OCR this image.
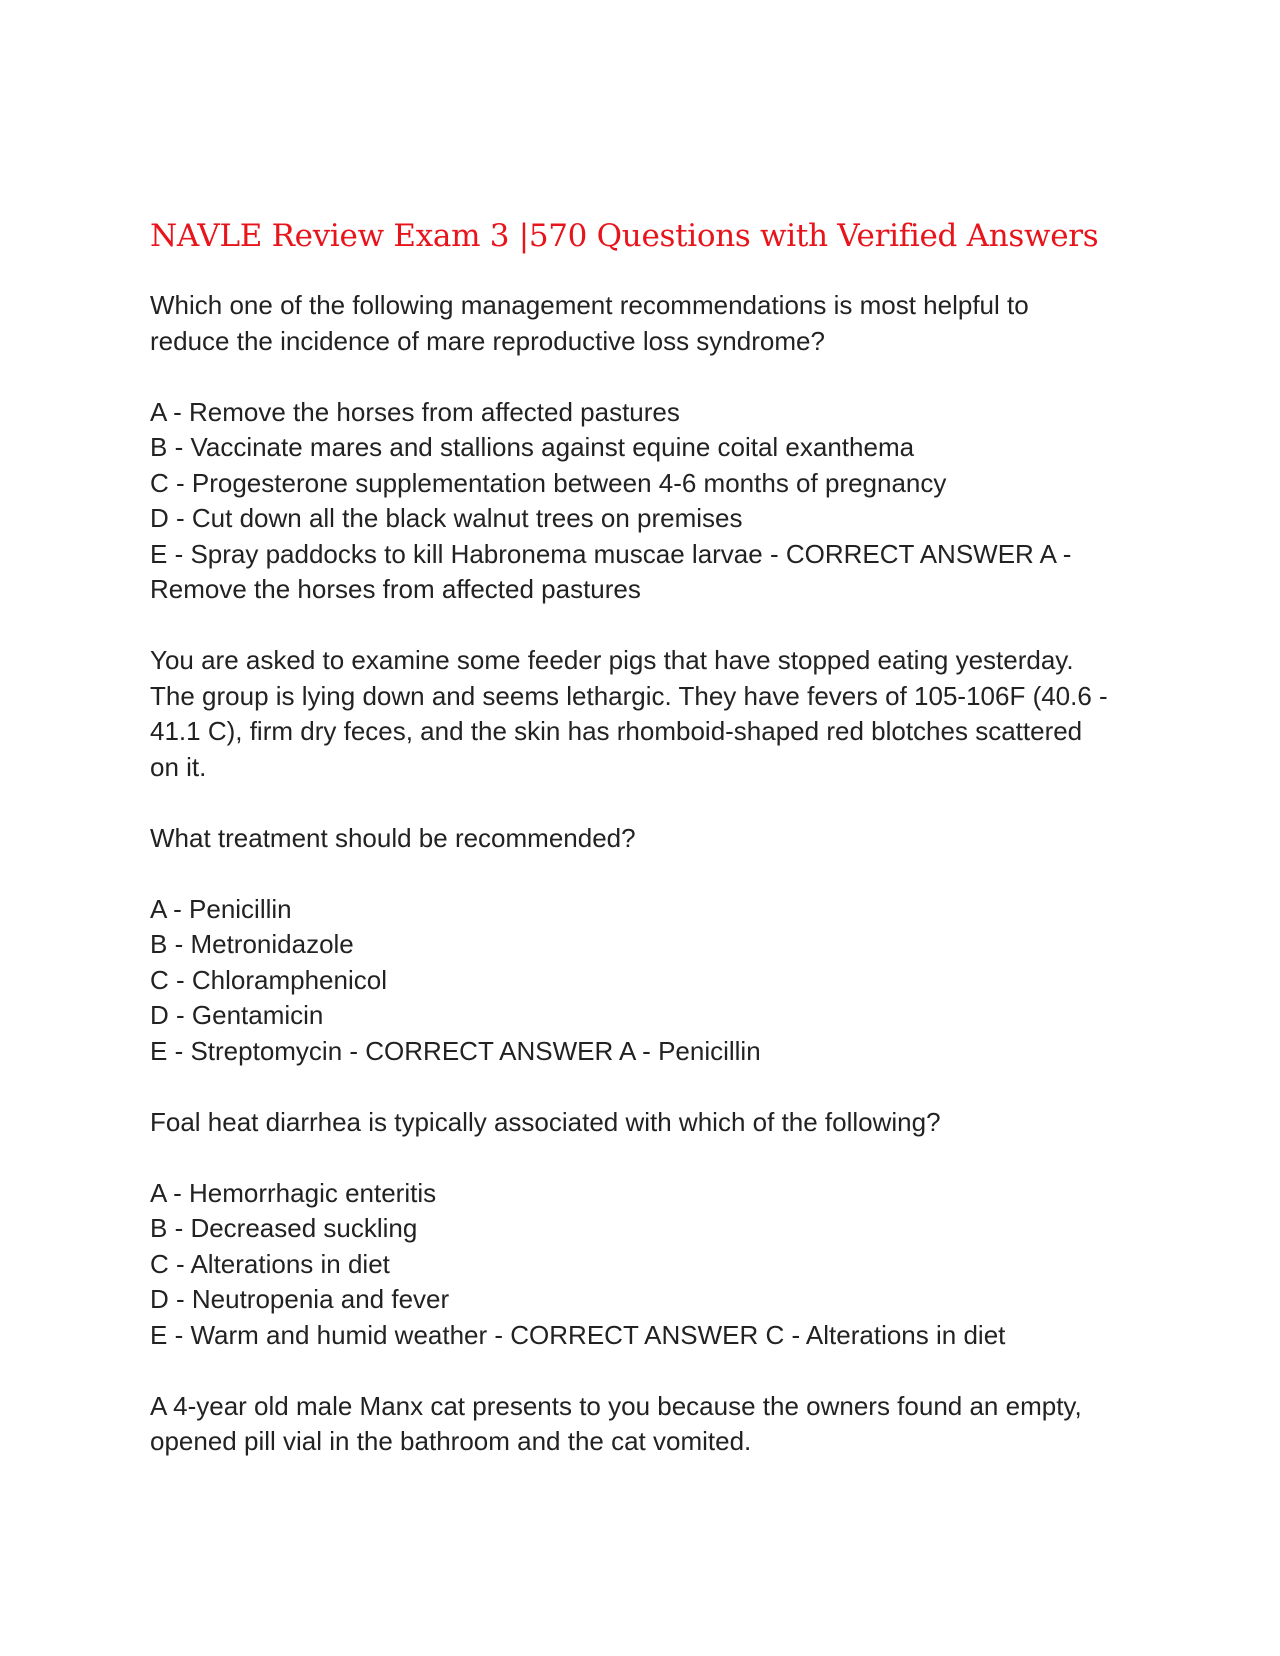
NAVLE Review Exam 3 |570 Questions with Verified Answers
Which one of the following management recommendations is most helpful to
reduce the incidence of mare reproductive loss syndrome?
A - Remove the horses from affected pastures
B - Vaccinate mares and stallions against equine coital exanthema
C - Progesterone supplementation between 4-6 months of pregnancy
D - Cut down all the black walnut trees on premises
E - Spray paddocks to kill Habronema muscae larvae - CORRECT ANSWER A -
Remove the horses from affected pastures
You are asked to examine some feeder pigs that have stopped eating yesterday.
The group is lying down and seems lethargic. They have fevers of 105-106F (40.6 -
41.1 C), firm dry feces, and the skin has rhomboid-shaped red blotches scattered
on it.
What treatment should be recommended?
A - Penicillin
B - Metronidazole
C - Chloramphenicol
D - Gentamicin
E - Streptomycin - CORRECT ANSWER A - Penicillin
Foal heat diarrhea is typically associated with which of the following?
A - Hemorrhagic enteritis
B - Decreased suckling
C - Alterations in diet
D - Neutropenia and fever
E - Warm and humid weather - CORRECT ANSWER C - Alterations in diet
A 4-year old male Manx cat presents to you because the owners found an empty,
opened pill vial in the bathroom and the cat vomited.
